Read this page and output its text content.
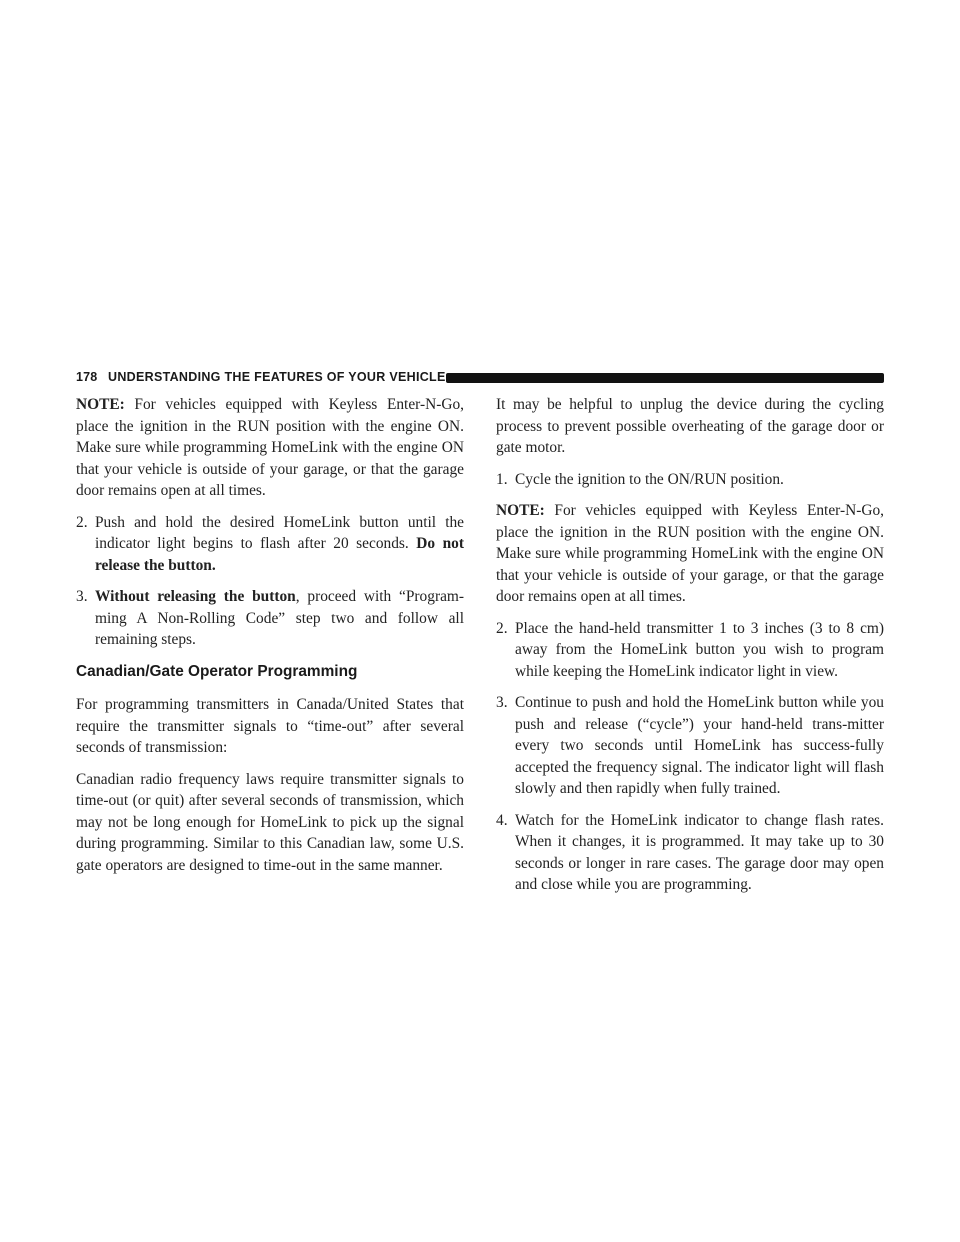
178 UNDERSTANDING THE FEATURES OF YOUR VEHICLE

NOTE: For vehicles equipped with Keyless Enter-N-Go, place the ignition in the RUN position with the engine ON. Make sure while programming HomeLink with the engine ON that your vehicle is outside of your garage, or that the garage door remains open at all times.

2. Push and hold the desired HomeLink button until the indicator light begins to flash after 20 seconds. Do not release the button.

3. Without releasing the button, proceed with “Program-ming A Non-Rolling Code” step two and follow all remaining steps.

Canadian/Gate Operator Programming

For programming transmitters in Canada/United States that require the transmitter signals to “time-out” after several seconds of transmission:

Canadian radio frequency laws require transmitter signals to time-out (or quit) after several seconds of transmission, which may not be long enough for HomeLink to pick up the signal during programming. Similar to this Canadian law, some U.S. gate operators are designed to time-out in the same manner.

It may be helpful to unplug the device during the cycling process to prevent possible overheating of the garage door or gate motor.

1. Cycle the ignition to the ON/RUN position.

NOTE: For vehicles equipped with Keyless Enter-N-Go, place the ignition in the RUN position with the engine ON. Make sure while programming HomeLink with the engine ON that your vehicle is outside of your garage, or that the garage door remains open at all times.

2. Place the hand-held transmitter 1 to 3 inches (3 to 8 cm) away from the HomeLink button you wish to program while keeping the HomeLink indicator light in view.

3. Continue to push and hold the HomeLink button while you push and release (“cycle”) your hand-held trans-mitter every two seconds until HomeLink has success-fully accepted the frequency signal. The indicator light will flash slowly and then rapidly when fully trained.

4. Watch for the HomeLink indicator to change flash rates. When it changes, it is programmed. It may take up to 30 seconds or longer in rare cases. The garage door may open and close while you are programming.
